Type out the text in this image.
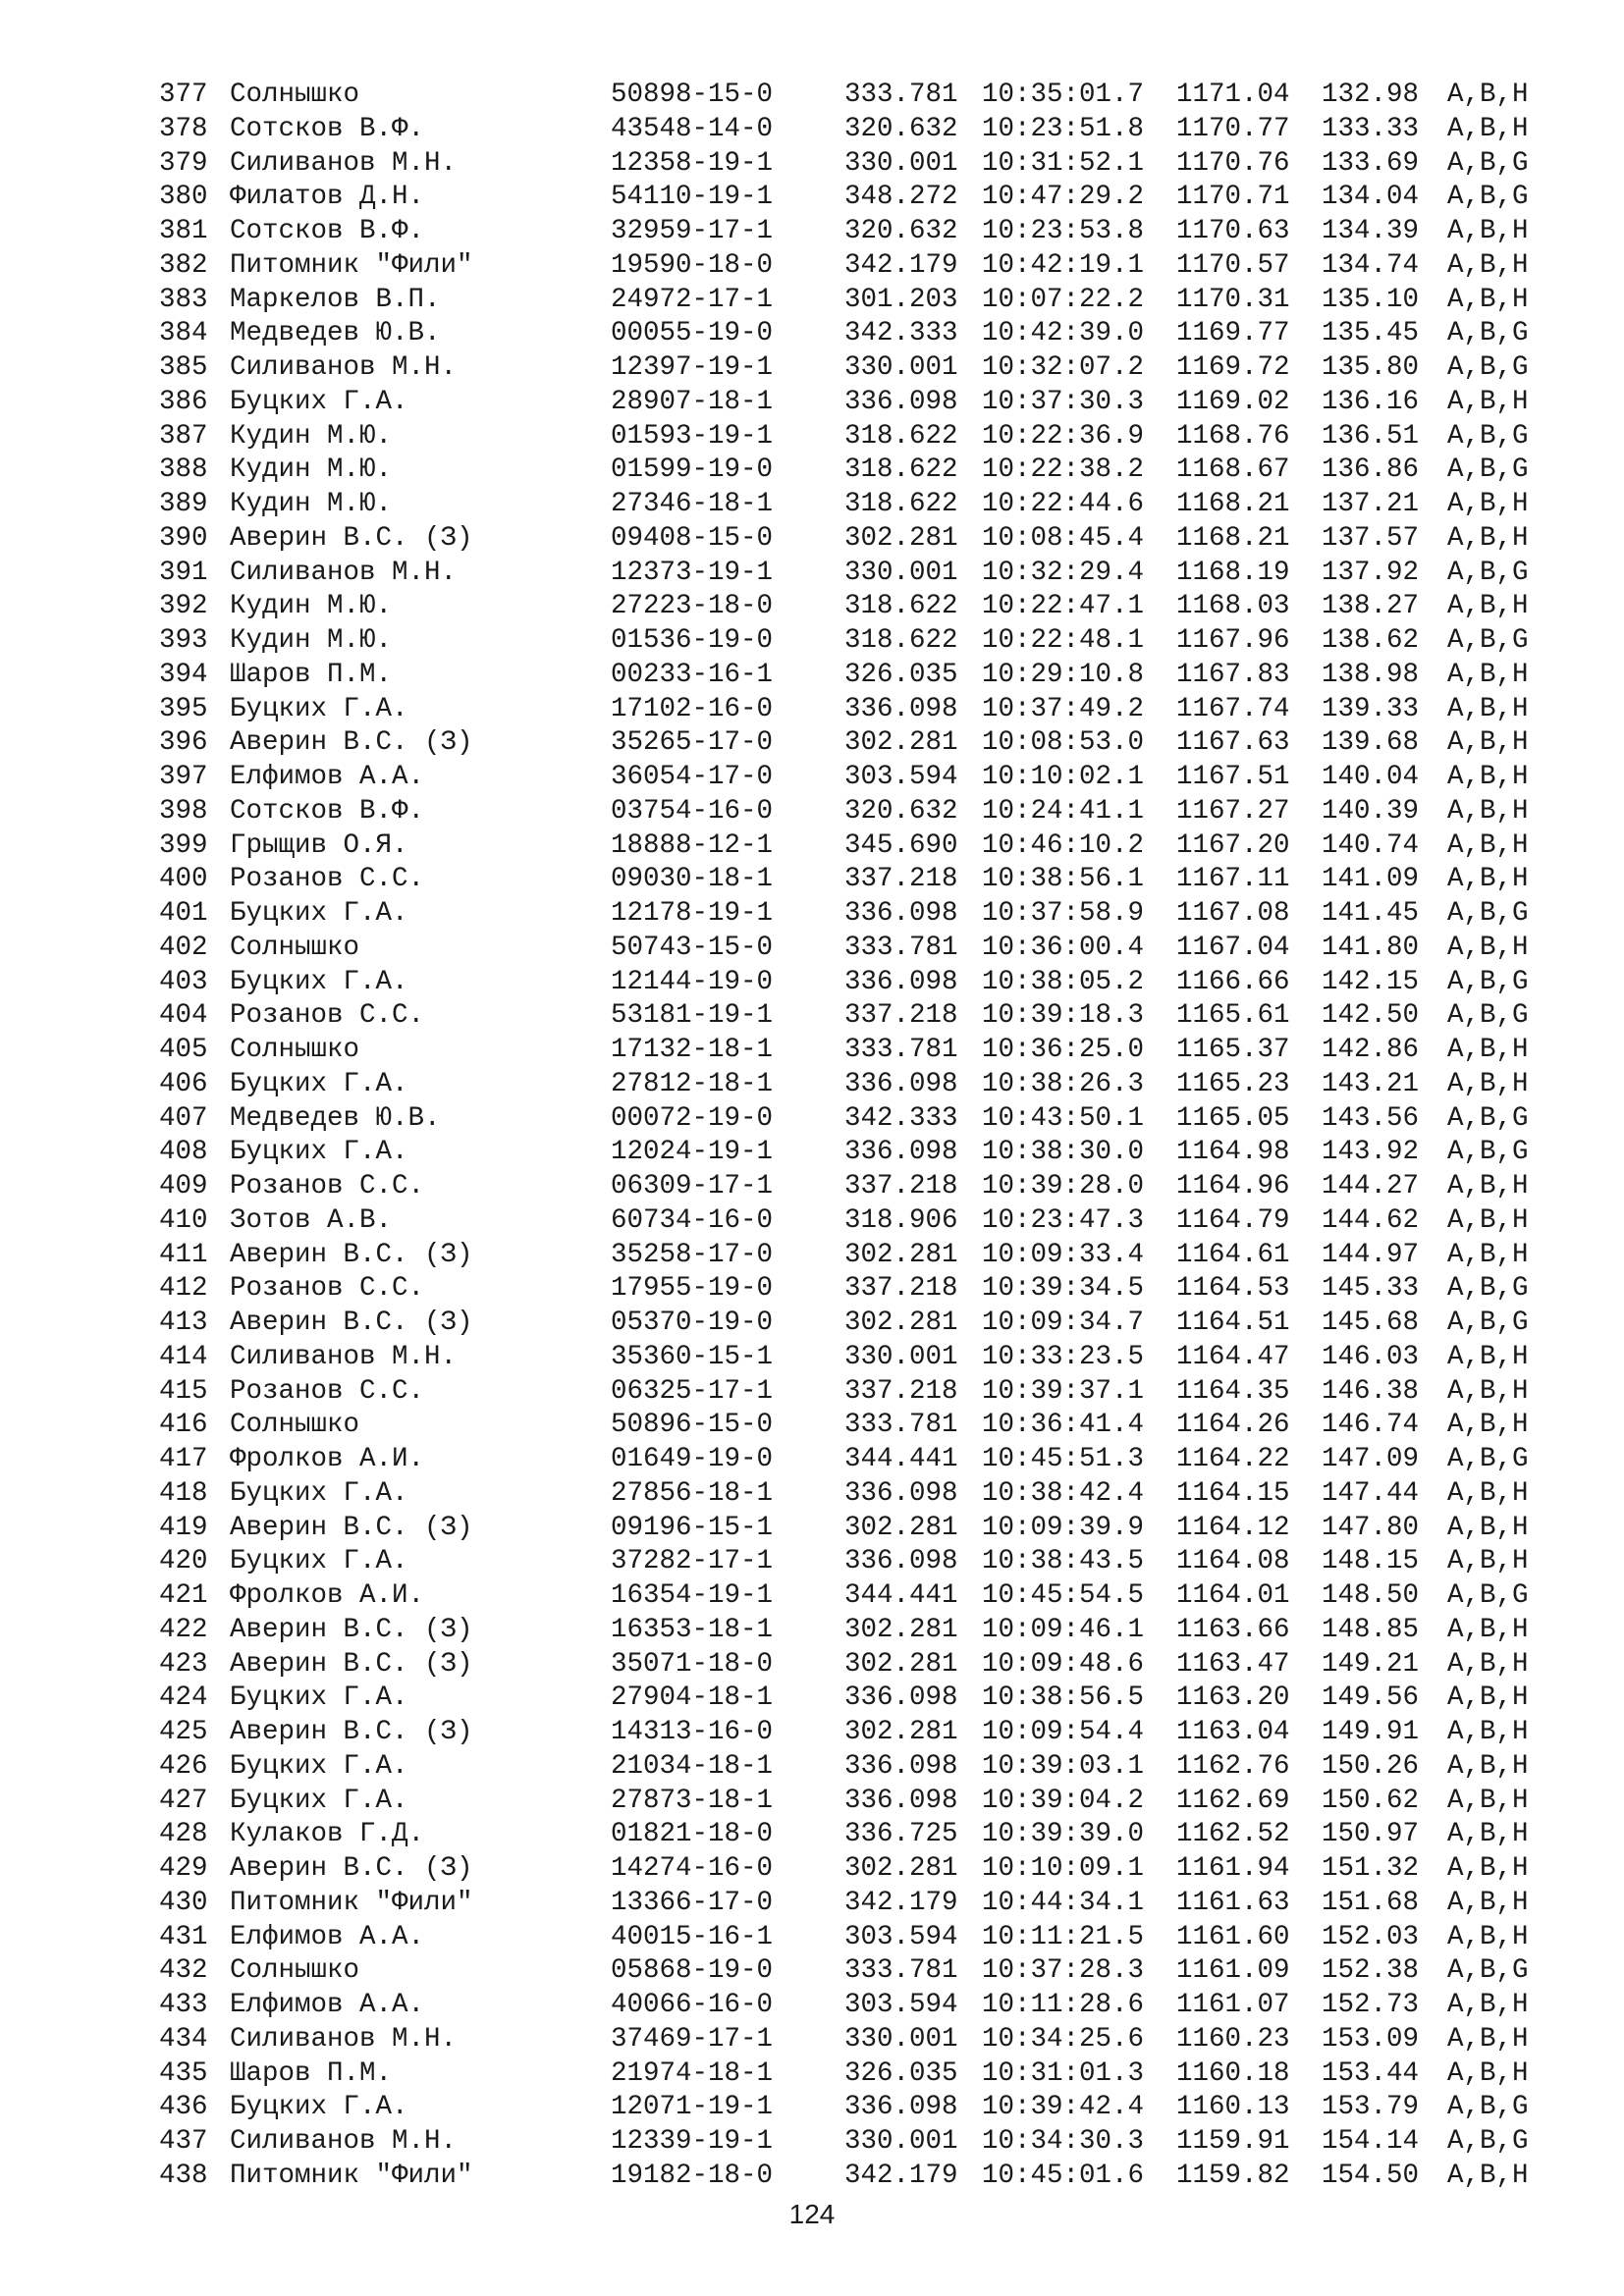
377 Солнышко	50898-15-0	333.781 10:35:01.7 1171.04 132.98 A,B,H
378 Сотсков В.Ф.	43548-14-0	320.632 10:23:51.8 1170.77 133.33 A,B,H
379 Силиванов М.Н.	12358-19-1	330.001 10:31:52.1 1170.76 133.69 A,B,G
380 Филатов Д.Н.	54110-19-1	348.272 10:47:29.2 1170.71 134.04 A,B,G
381 Сотсков В.Ф.	32959-17-1	320.632 10:23:53.8 1170.63 134.39 A,B,H
382 Питомник "Фили"	19590-18-0	342.179 10:42:19.1 1170.57 134.74 A,B,H
383 Маркелов В.П.	24972-17-1	301.203 10:07:22.2 1170.31 135.10 A,B,H
384 Медведев Ю.В.	00055-19-0	342.333 10:42:39.0 1169.77 135.45 A,B,G
385 Силиванов М.Н.	12397-19-1	330.001 10:32:07.2 1169.72 135.80 A,B,G
386 Буцких Г.А.	28907-18-1	336.098 10:37:30.3 1169.02 136.16 A,B,H
387 Кудин М.Ю.	01593-19-1	318.622 10:22:36.9 1168.76 136.51 A,B,G
388 Кудин М.Ю.	01599-19-0	318.622 10:22:38.2 1168.67 136.86 A,B,G
389 Кудин М.Ю.	27346-18-1	318.622 10:22:44.6 1168.21 137.21 A,B,H
390 Аверин В.С. (З)	09408-15-0	302.281 10:08:45.4 1168.21 137.57 A,B,H
391 Силиванов М.Н.	12373-19-1	330.001 10:32:29.4 1168.19 137.92 A,B,G
392 Кудин М.Ю.	27223-18-0	318.622 10:22:47.1 1168.03 138.27 A,B,H
393 Кудин М.Ю.	01536-19-0	318.622 10:22:48.1 1167.96 138.62 A,B,G
394 Шаров П.М.	00233-16-1	326.035 10:29:10.8 1167.83 138.98 A,B,H
395 Буцких Г.А.	17102-16-0	336.098 10:37:49.2 1167.74 139.33 A,B,H
396 Аверин В.С. (З)	35265-17-0	302.281 10:08:53.0 1167.63 139.68 A,B,H
397 Елфимов А.А.	36054-17-0	303.594 10:10:02.1 1167.51 140.04 A,B,H
398 Сотсков В.Ф.	03754-16-0	320.632 10:24:41.1 1167.27 140.39 A,B,H
399 Грыщив О.Я.	18888-12-1	345.690 10:46:10.2 1167.20 140.74 A,B,H
400 Розанов С.С.	09030-18-1	337.218 10:38:56.1 1167.11 141.09 A,B,H
401 Буцких Г.А.	12178-19-1	336.098 10:37:58.9 1167.08 141.45 A,B,G
402 Солнышко	50743-15-0	333.781 10:36:00.4 1167.04 141.80 A,B,H
403 Буцких Г.А.	12144-19-0	336.098 10:38:05.2 1166.66 142.15 A,B,G
404 Розанов С.С.	53181-19-1	337.218 10:39:18.3 1165.61 142.50 A,B,G
405 Солнышко	17132-18-1	333.781 10:36:25.0 1165.37 142.86 A,B,H
406 Буцких Г.А.	27812-18-1	336.098 10:38:26.3 1165.23 143.21 A,B,H
407 Медведев Ю.В.	00072-19-0	342.333 10:43:50.1 1165.05 143.56 A,B,G
408 Буцких Г.А.	12024-19-1	336.098 10:38:30.0 1164.98 143.92 A,B,G
409 Розанов С.С.	06309-17-1	337.218 10:39:28.0 1164.96 144.27 A,B,H
410 Зотов А.В.	60734-16-0	318.906 10:23:47.3 1164.79 144.62 A,B,H
411 Аверин В.С. (З)	35258-17-0	302.281 10:09:33.4 1164.61 144.97 A,B,H
412 Розанов С.С.	17955-19-0	337.218 10:39:34.5 1164.53 145.33 A,B,G
413 Аверин В.С. (З)	05370-19-0	302.281 10:09:34.7 1164.51 145.68 A,B,G
414 Силиванов М.Н.	35360-15-1	330.001 10:33:23.5 1164.47 146.03 A,B,H
415 Розанов С.С.	06325-17-1	337.218 10:39:37.1 1164.35 146.38 A,B,H
416 Солнышко	50896-15-0	333.781 10:36:41.4 1164.26 146.74 A,B,H
417 Фролков А.И.	01649-19-0	344.441 10:45:51.3 1164.22 147.09 A,B,G
418 Буцких Г.А.	27856-18-1	336.098 10:38:42.4 1164.15 147.44 A,B,H
419 Аверин В.С. (З)	09196-15-1	302.281 10:09:39.9 1164.12 147.80 A,B,H
420 Буцких Г.А.	37282-17-1	336.098 10:38:43.5 1164.08 148.15 A,B,H
421 Фролков А.И.	16354-19-1	344.441 10:45:54.5 1164.01 148.50 A,B,G
422 Аверин В.С. (З)	16353-18-1	302.281 10:09:46.1 1163.66 148.85 A,B,H
423 Аверин В.С. (З)	35071-18-0	302.281 10:09:48.6 1163.47 149.21 A,B,H
424 Буцких Г.А.	27904-18-1	336.098 10:38:56.5 1163.20 149.56 A,B,H
425 Аверин В.С. (З)	14313-16-0	302.281 10:09:54.4 1163.04 149.91 A,B,H
426 Буцких Г.А.	21034-18-1	336.098 10:39:03.1 1162.76 150.26 A,B,H
427 Буцких Г.А.	27873-18-1	336.098 10:39:04.2 1162.69 150.62 A,B,H
428 Кулаков Г.Д.	01821-18-0	336.725 10:39:39.0 1162.52 150.97 A,B,H
429 Аверин В.С. (З)	14274-16-0	302.281 10:10:09.1 1161.94 151.32 A,B,H
430 Питомник "Фили"	13366-17-0	342.179 10:44:34.1 1161.63 151.68 A,B,H
431 Елфимов А.А.	40015-16-1	303.594 10:11:21.5 1161.60 152.03 A,B,H
432 Солнышко	05868-19-0	333.781 10:37:28.3 1161.09 152.38 A,B,G
433 Елфимов А.А.	40066-16-0	303.594 10:11:28.6 1161.07 152.73 A,B,H
434 Силиванов М.Н.	37469-17-1	330.001 10:34:25.6 1160.23 153.09 A,B,H
435 Шаров П.М.	21974-18-1	326.035 10:31:01.3 1160.18 153.44 A,B,H
436 Буцких Г.А.	12071-19-1	336.098 10:39:42.4 1160.13 153.79 A,B,G
437 Силиванов М.Н.	12339-19-1	330.001 10:34:30.3 1159.91 154.14 A,B,G
438 Питомник "Фили"	19182-18-0	342.179 10:45:01.6 1159.82 154.50 A,B,H
124
